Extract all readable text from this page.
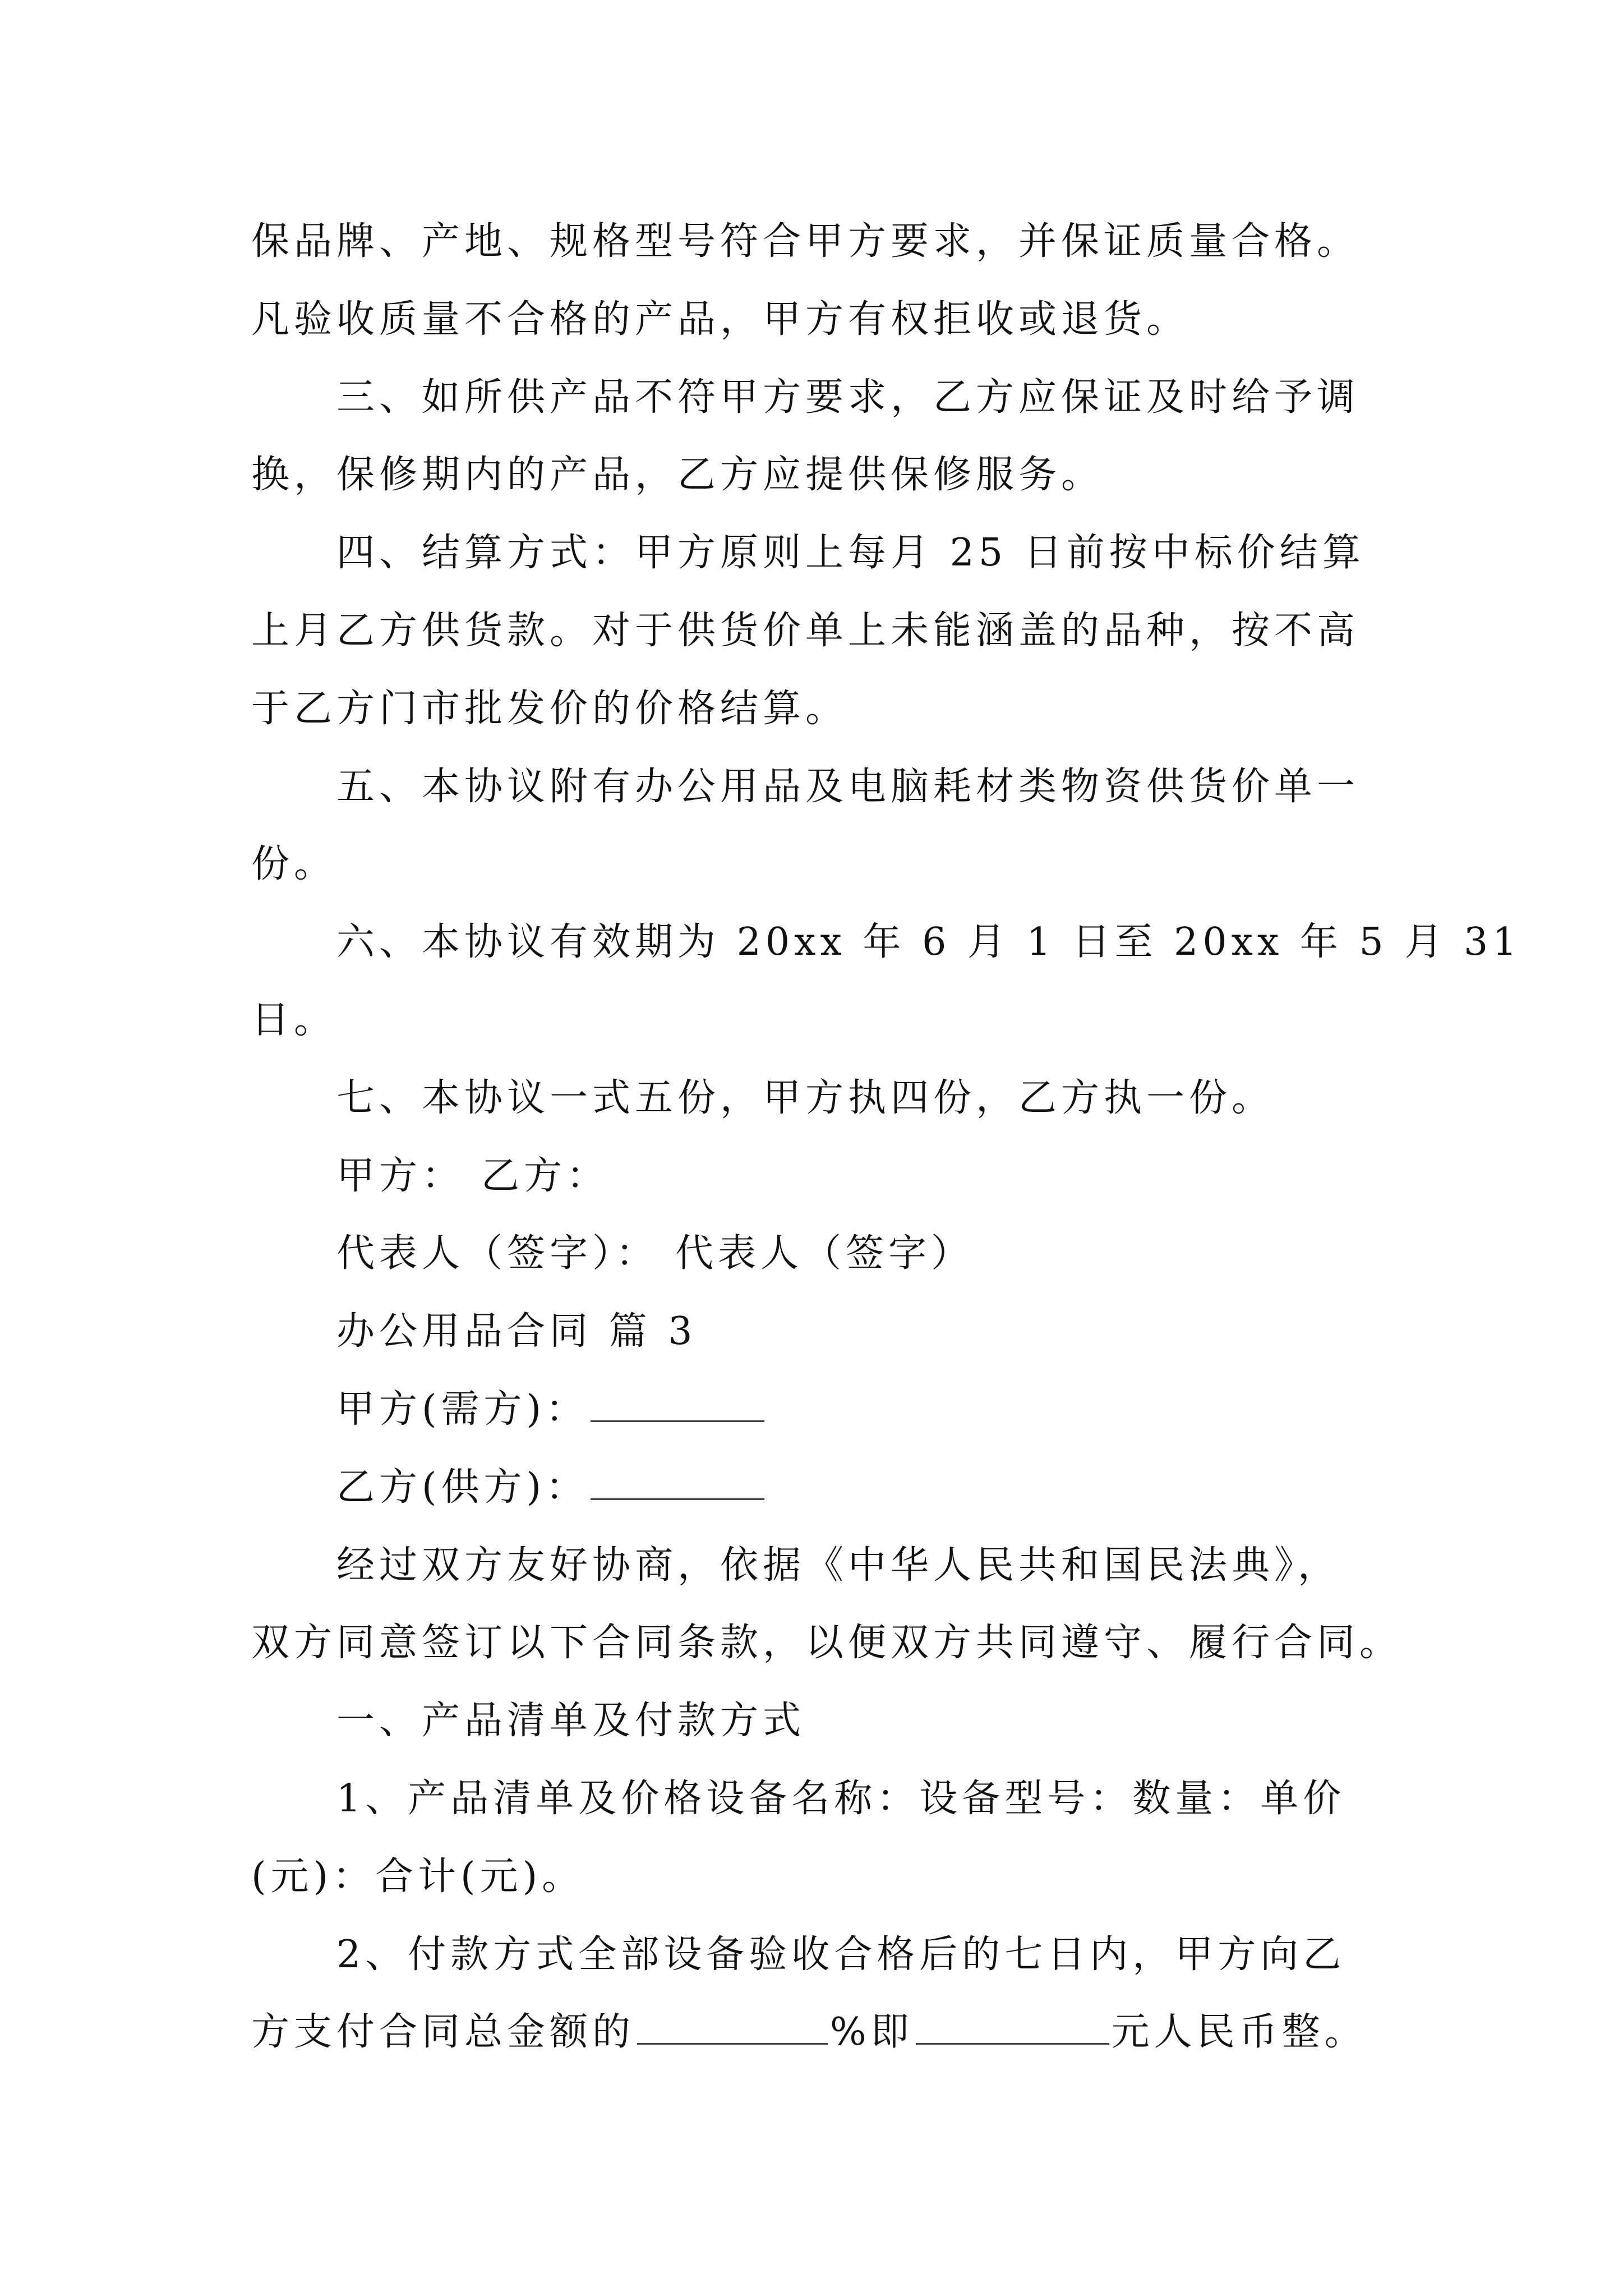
保品牌、产地、规格型号符合甲方要求，并保证质量合格。
凡验收质量不合格的产品，甲方有权拒收或退货。
三、如所供产品不符甲方要求，乙方应保证及时给予调
换，保修期内的产品，乙方应提供保修服务。
四、结算方式：甲方原则上每月 25 日前按中标价结算
上月乙方供货款。对于供货价单上未能涵盖的品种，按不高
于乙方门市批发价的价格结算。
五、本协议附有办公用品及电脑耗材类物资供货价单一
份。
六、本协议有效期为 20xx 年 6 月 1 日至 20xx 年 5 月 31
日。
七、本协议一式五份，甲方执四份，乙方执一份。
甲方： 乙方：
代表人（签字）： 代表人（签字）
办公用品合同 篇 3
甲方(需方)：
乙方(供方)：
经过双方友好协商，依据《中华人民共和国民法典》，
双方同意签订以下合同条款，以便双方共同遵守、履行合同。
一、产品清单及付款方式
1、产品清单及价格设备名称：设备型号：数量：单价
(元)：合计(元)。
2、付款方式全部设备验收合格后的七日内，甲方向乙
方支付合同总金额的	%即	元人民币整。
